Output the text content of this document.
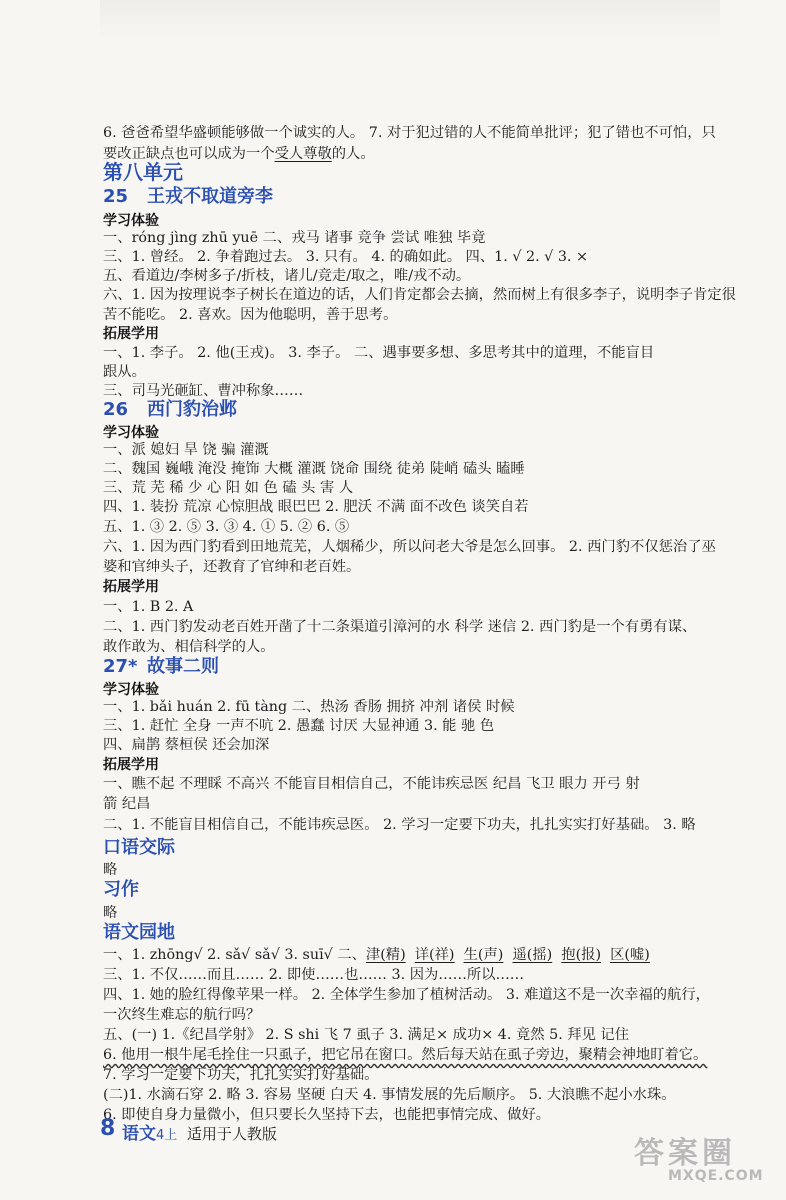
6. 爸爸希望华盛顿能够做一个诚实的人。 7. 对于犯过错的人不能简单批评；犯了错也不可怕，只
要改正缺点也可以成为一个受人尊敬的人。
第八单元
25 王戎不取道旁李
学习体验
一、róng jìng zhū yuē 二、戎马 诸事 竞争 尝试 唯独 毕竟
三、1. 曾经。 2. 争着跑过去。 3. 只有。 4. 的确如此。 四、1. √ 2. √ 3. ×
五、看道边/李树多子/折枝，诸儿/竞走/取之，唯/戎不动。
六、1. 因为按理说李子树长在道边的话，人们肯定都会去摘，然而树上有很多李子，说明李子肯定很
苦不能吃。 2. 喜欢。因为他聪明，善于思考。
拓展学用
一、1. 李子。 2. 他(王戎)。 3. 李子。 二、遇事要多想、多思考其中的道理，不能盲目
跟从。
三、司马光砸缸、曹冲称象……
26 西门豹治邺
学习体验
一、派 媳妇 旱 饶 骗 灌溉
二、魏国 巍峨 淹没 掩饰 大概 灌溉 饶命 围绕 徒弟 陡峭 磕头 瞌睡
三、荒 芜 稀 少 心 阳 如 色 磕 头 害 人
四、1. 装扮 荒凉 心惊胆战 眼巴巴 2. 肥沃 不满 面不改色 谈笑自若
五、1. ③ 2. ⑤ 3. ③ 4. ① 5. ② 6. ⑤
六、1. 因为西门豹看到田地荒芜，人烟稀少，所以问老大爷是怎么回事。 2. 西门豹不仅惩治了巫
婆和官绅头子，还教育了官绅和老百姓。
拓展学用
一、1. B 2. A
二、1. 西门豹发动老百姓开凿了十二条渠道引漳河的水 科学 迷信 2. 西门豹是一个有勇有谋、
敢作敢为、相信科学的人。
27* 故事二则
学习体验
一、1. bǎi huán 2. fū tàng 二、热汤 香肠 拥挤 冲剂 诸侯 时候
三、1. 赶忙 全身 一声不吭 2. 愚蠢 讨厌 大显神通 3. 能 驰 色
四、扁鹊 蔡桓侯 还会加深
拓展学用
一、瞧不起 不理睬 不高兴 不能盲目相信自己，不能讳疾忌医 纪昌 飞卫 眼力 开弓 射
箭 纪昌
二、1. 不能盲目相信自己，不能讳疾忌医。 2. 学习一定要下功夫，扎扎实实打好基础。 3. 略
口语交际
略
习作
略
语文园地
一、1. zhōng√ 2. sǎ√ sǎ√ 3. suī√ 二、津(精) 详(祥) 生(声) 遥(摇) 抱(报) 区(嘘)
三、1. 不仅……而且…… 2. 即使……也…… 3. 因为……所以……
四、1. 她的脸红得像苹果一样。 2. 全体学生参加了植树活动。 3. 难道这不是一次幸福的航行，
一次终生难忘的航行吗？
五、(一) 1.《纪昌学射》 2. S shi 飞 7 虱子 3. 满足× 成功× 4. 竟然 5. 拜见 记住
6. 他用一根牛尾毛拴住一只虱子，把它吊在窗口。然后每天站在虱子旁边，聚精会神地盯着它。
7. 学习一定要下功夫，扎扎实实打好基础。
(二)1. 水滴石穿 2. 略 3. 容易 坚硬 白天 4. 事情发展的先后顺序。 5. 大浪瞧不起小水珠。
6. 即使自身力量微小，但只要长久坚持下去，也能把事情完成、做好。
8 语文4上 适用于人教版
答案圈
MXQE.COM
